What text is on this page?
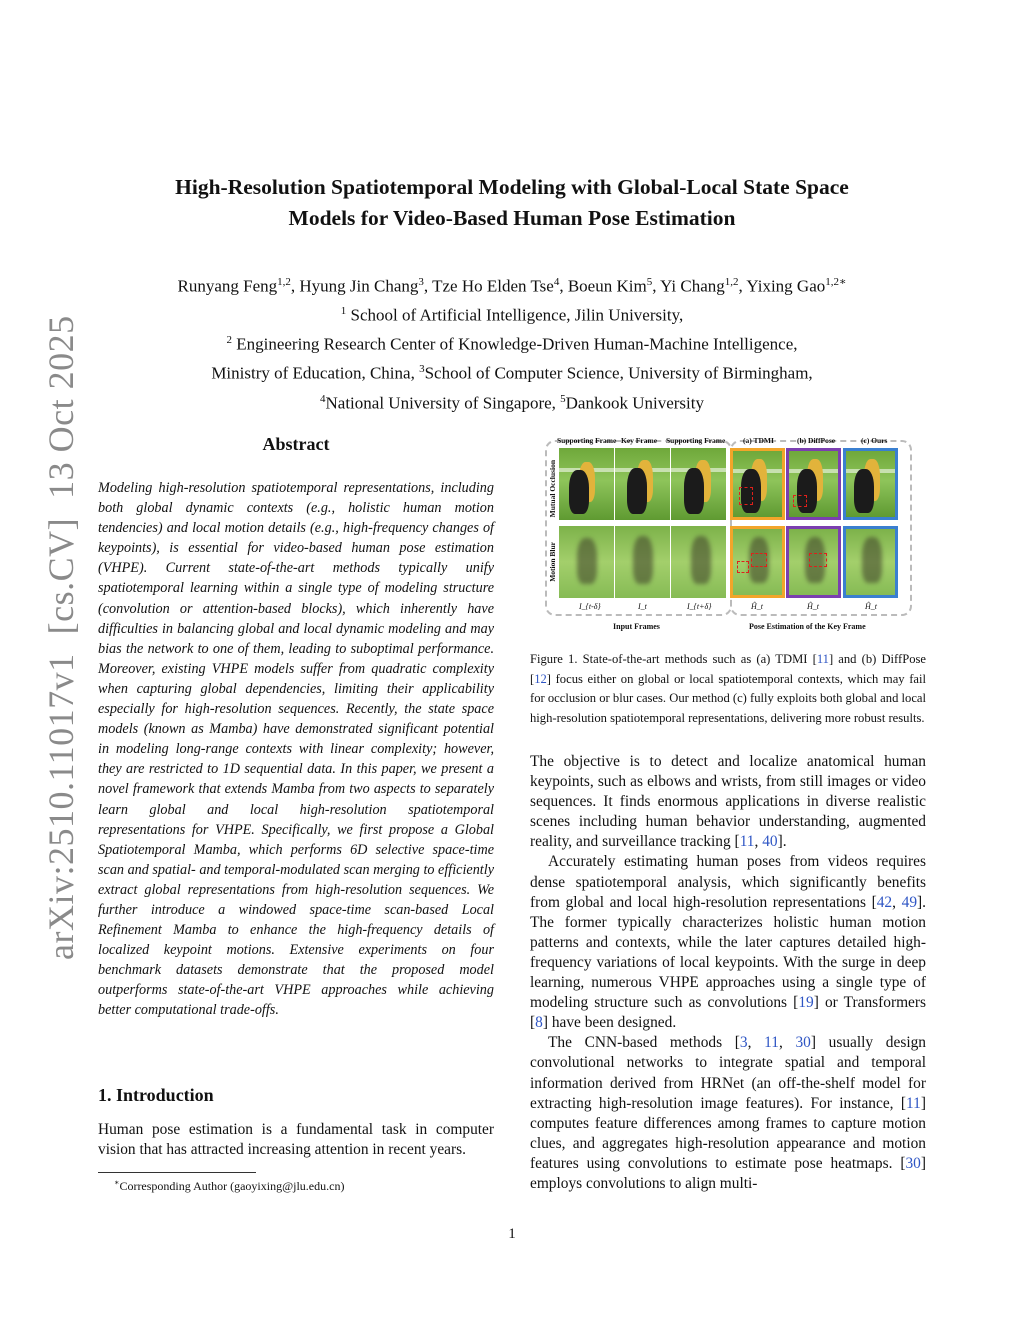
arXiv:2510.11017v1  [cs.CV]  13 Oct 2025
High-Resolution Spatiotemporal Modeling with Global-Local State Space
Models for Video-Based Human Pose Estimation
Runyang Feng$^{1,2}$, Hyung Jin Chang$^3$, Tze Ho Elden Tse$^4$, Boeun Kim$^5$, Yi Chang$^{1,2}$, Yixing Gao$^{1,2∗}$
$^1$ School of Artificial Intelligence, Jilin University,
$^2$ Engineering Research Center of Knowledge-Driven Human-Machine Intelligence,
Ministry of Education, China, $^3$School of Computer Science, University of Birmingham,
$^4$National University of Singapore, $^5$Dankook University
Abstract
Modeling high-resolution spatiotemporal representations, including both global dynamic contexts (e.g., holistic human motion tendencies) and local motion details (e.g., high-frequency changes of keypoints), is essential for video-based human pose estimation (VHPE). Current state-of-the-art methods typically unify spatiotemporal learning within a single type of modeling structure (convolution or attention-based blocks), which inherently have difficulties in balancing global and local dynamic modeling and may bias the network to one of them, leading to suboptimal performance. Moreover, existing VHPE models suffer from quadratic complexity when capturing global dependencies, limiting their applicability especially for high-resolution sequences. Recently, the state space models (known as Mamba) have demonstrated significant potential in modeling long-range contexts with linear complexity; however, they are restricted to 1D sequential data. In this paper, we present a novel framework that extends Mamba from two aspects to separately learn global and local high-resolution spatiotemporal representations for VHPE. Specifically, we first propose a Global Spatiotemporal Mamba, which performs 6D selective space-time scan and spatial- and temporal-modulated scan merging to efficiently extract global representations from high-resolution sequences. We further introduce a windowed space-time scan-based Local Refinement Mamba to enhance the high-frequency details of localized keypoint motions. Extensive experiments on four benchmark datasets demonstrate that the proposed model outperforms state-of-the-art VHPE approaches while achieving better computational trade-offs.
1. Introduction
Human pose estimation is a fundamental task in computer vision that has attracted increasing attention in recent years.
∗Corresponding Author (gaoyixing@jlu.edu.cn)
Supporting Frame Key Frame Supporting Frame (a) TDMI	(b) DiffPose	(c) Ours
Mutual Occlusion
Motion Blur
I_{t-δ}	I_t	I_{t+δ}	Ĥ_t	Ĥ_t	Ĥ_t
Input Frames	Pose Estimation of the Key Frame
Figure 1. State-of-the-art methods such as (a) TDMI [11] and (b) DiffPose [12] focus either on global or local spatiotemporal contexts, which may fail for occlusion or blur cases. Our method (c) fully exploits both global and local high-resolution spatiotemporal representations, delivering more robust results.

The objective is to detect and localize anatomical human keypoints, such as elbows and wrists, from still images or video sequences. It finds enormous applications in diverse realistic scenes including human behavior understanding, augmented reality, and surveillance tracking [11, 40].

Accurately estimating human poses from videos requires dense spatiotemporal analysis, which significantly benefits from global and local high-resolution representations [42, 49]. The former typically characterizes holistic human motion patterns and contexts, while the later captures detailed high-frequency variations of local keypoints. With the surge in deep learning, numerous VHPE approaches using a single type of modeling structure such as convolutions [19] or Transformers [8] have been designed.

The CNN-based methods [3, 11, 30] usually design convolutional networks to integrate spatial and temporal information derived from HRNet (an off-the-shelf model for extracting high-resolution image features). For instance, [11] computes feature differences among frames to capture motion clues, and aggregates high-resolution appearance and motion features using convolutions to estimate pose heatmaps. [30] employs convolutions to align multi-

1
